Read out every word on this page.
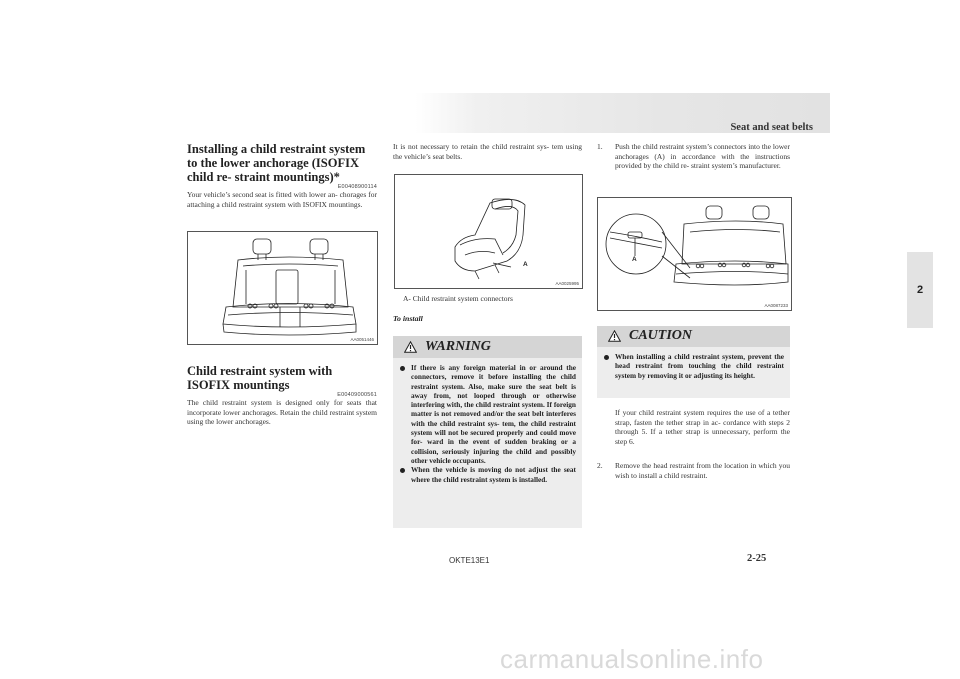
Seat and seat belts
2
Installing a child restraint system to the lower anchorage (ISOFIX child re- straint mountings)*
E00408900114

Your vehicle’s second seat is fitted with lower an- chorages for attaching a child restraint system with ISOFIX mountings.

AA0051446
Child restraint system with ISOFIX mountings
E00409000561

The child restraint system is designed only for seats that incorporate lower anchorages. Retain the child restraint system using the lower anchorages.

It is not necessary to retain the child restraint sys- tem using the vehicle’s seat belts.

A
AA0025995
A- Child restraint system connectors
To install
WARNING
If there is any foreign material in or around the connectors, remove it before installing the child restraint system. Also, make sure the seat belt is away from, not looped through or otherwise interfering with, the child restraint system. If foreign matter is not removed and/or the seat belt interferes with the child restraint sys- tem, the child restraint system will not be secured properly and could move for- ward in the event of sudden braking or a collision, seriously injuring the child and possibly other vehicle occupants.
When the vehicle is moving do not adjust the seat where the child restraint system is installed.
1. Push the child restraint system’s connectors into the lower anchorages (A) in accordance with the instructions provided by the child re- straint system’s manufacturer.
A
AA0087233
CAUTION
When installing a child restraint system, prevent the head restraint from touching the child restraint system by removing it or adjusting its height.

If your child restraint system requires the use of a tether strap, fasten the tether strap in ac- cordance with steps 2 through 5. If a tether strap is unnecessary, perform the step 6.

2. Remove the head restraint from the location in which you wish to install a child restraint.
OKTE13E1	2-25
carmanualsonline.info
